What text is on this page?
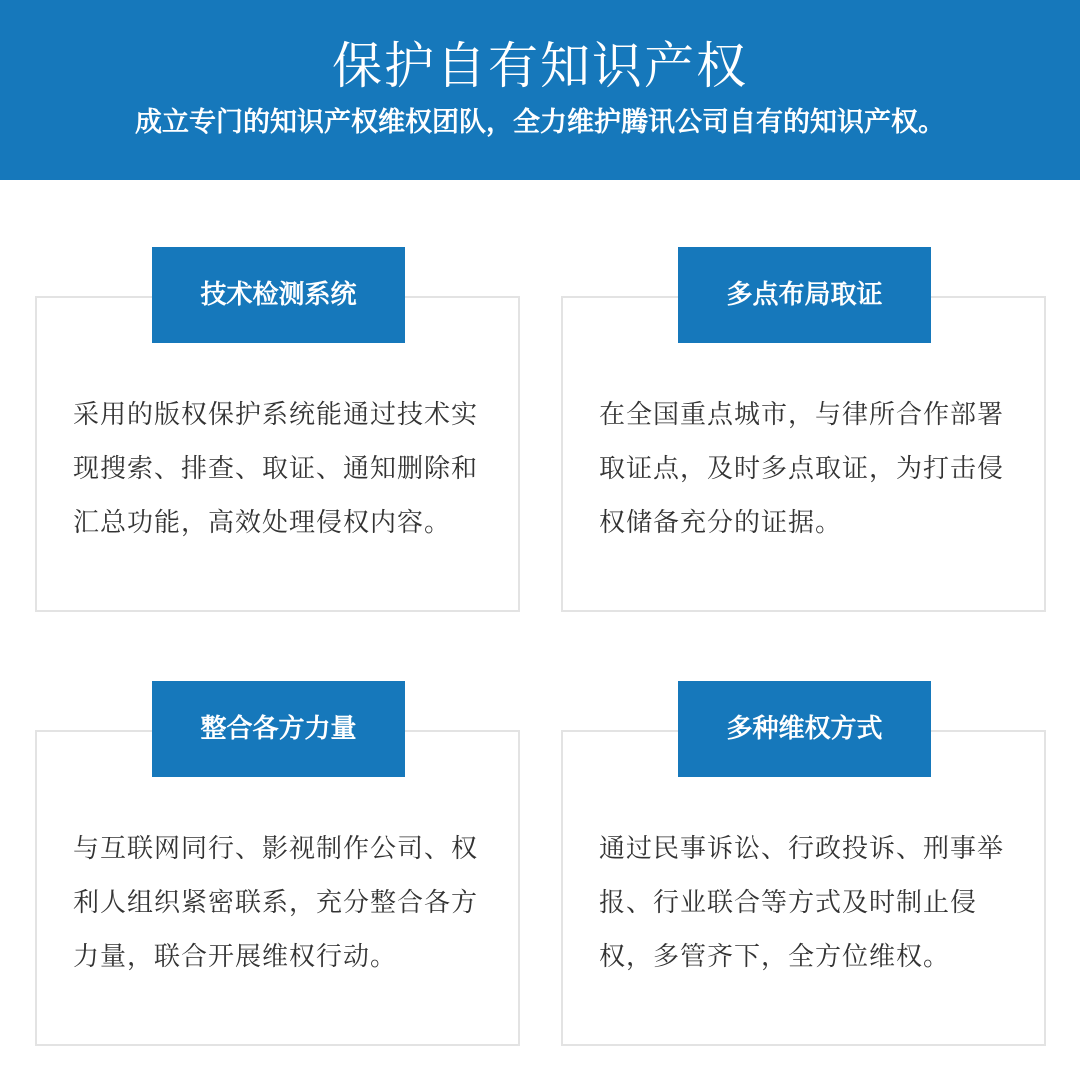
保护自有知识产权
成立专门的知识产权维权团队，全力维护腾讯公司自有的知识产权。
采用的版权保护系统能通过技术实现搜索、排查、取证、通知删除和汇总功能，高效处理侵权内容。
在全国重点城市，与律所合作部署取证点，及时多点取证，为打击侵权储备充分的证据。
与互联网同行、影视制作公司、权利人组织紧密联系，充分整合各方力量，联合开展维权行动。
通过民事诉讼、行政投诉、刑事举报、行业联合等方式及时制止侵权，多管齐下，全方位维权。
技术检测系统	多点布局取证
整合各方力量	多种维权方式
